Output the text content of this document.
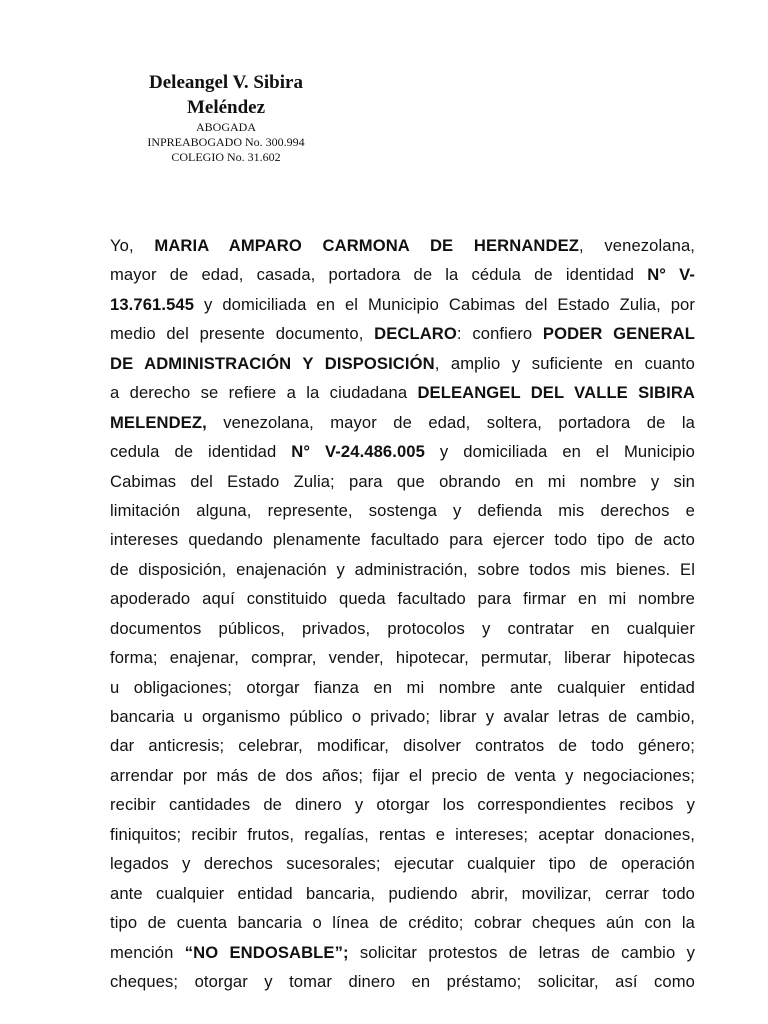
Deleangel V. Sibira
Meléndez
ABOGADA
INPREABOGADO No. 300.994
COLEGIO No. 31.602
Yo, MARIA AMPARO CARMONA DE HERNANDEZ, venezolana,
mayor de edad, casada, portadora de la cédula de identidad N° V-
13.761.545 y domiciliada en el Municipio Cabimas del Estado Zulia, por
medio del presente documento, DECLARO: confiero PODER GENERAL
DE ADMINISTRACIÓN Y DISPOSICIÓN, amplio y suficiente en cuanto
a derecho se refiere a la ciudadana DELEANGEL DEL VALLE SIBIRA
MELENDEZ, venezolana, mayor de edad, soltera, portadora de la
cedula de identidad N° V-24.486.005 y domiciliada en el Municipio
Cabimas del Estado Zulia; para que obrando en mi nombre y sin
limitación alguna, represente, sostenga y defienda mis derechos e
intereses quedando plenamente facultado para ejercer todo tipo de acto
de disposición, enajenación y administración, sobre todos mis bienes. El
apoderado aquí constituido queda facultado para firmar en mi nombre
documentos públicos, privados, protocolos y contratar en cualquier
forma; enajenar, comprar, vender, hipotecar, permutar, liberar hipotecas
u obligaciones; otorgar fianza en mi nombre ante cualquier entidad
bancaria u organismo público o privado; librar y avalar letras de cambio,
dar anticresis; celebrar, modificar, disolver contratos de todo género;
arrendar por más de dos años; fijar el precio de venta y negociaciones;
recibir cantidades de dinero y otorgar los correspondientes recibos y
finiquitos; recibir frutos, regalías, rentas e intereses; aceptar donaciones,
legados y derechos sucesorales; ejecutar cualquier tipo de operación
ante cualquier entidad bancaria, pudiendo abrir, movilizar, cerrar todo
tipo de cuenta bancaria o línea de crédito; cobrar cheques aún con la
mención “NO ENDOSABLE”; solicitar protestos de letras de cambio y
cheques; otorgar y tomar dinero en préstamo; solicitar, así como
